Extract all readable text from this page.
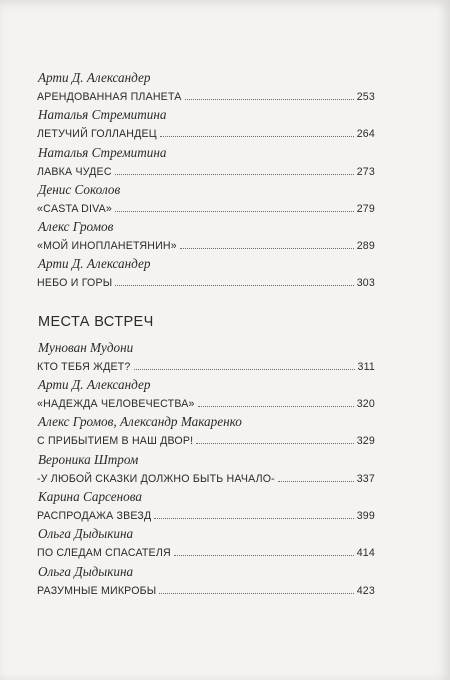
Арти Д. Александер
АРЕНДОВАННАЯ ПЛАНЕТА	253
Наталья Стремитина
ЛЕТУЧИЙ ГОЛЛАНДЕЦ	264
Наталья Стремитина
ЛАВКА ЧУДЕС	273
Денис Соколов
«CASTA DIVA»	279
Алекс Громов
«МОЙ ИНОПЛАНЕТЯНИН»	289
Арти Д. Александер
НЕБО И ГОРЫ	303
МЕСТА ВСТРЕЧ
Мунован Мудони
КТО ТЕБЯ ЖДЕТ?	311
Арти Д. Александер
«НАДЕЖДА ЧЕЛОВЕЧЕСТВА»	320
Алекс Громов, Александр Макаренко
С ПРИБЫТИЕМ В НАШ ДВОР!	329
Вероника Штром
-У ЛЮБОЙ СКАЗКИ ДОЛЖНО БЫТЬ НАЧАЛО-	337
Карина Сарсенова
РАСПРОДАЖА ЗВЕЗД	399
Ольга Дыдыкина
ПО СЛЕДАМ СПАСАТЕЛЯ	414
Ольга Дыдыкина
РАЗУМНЫЕ МИКРОБЫ	423
